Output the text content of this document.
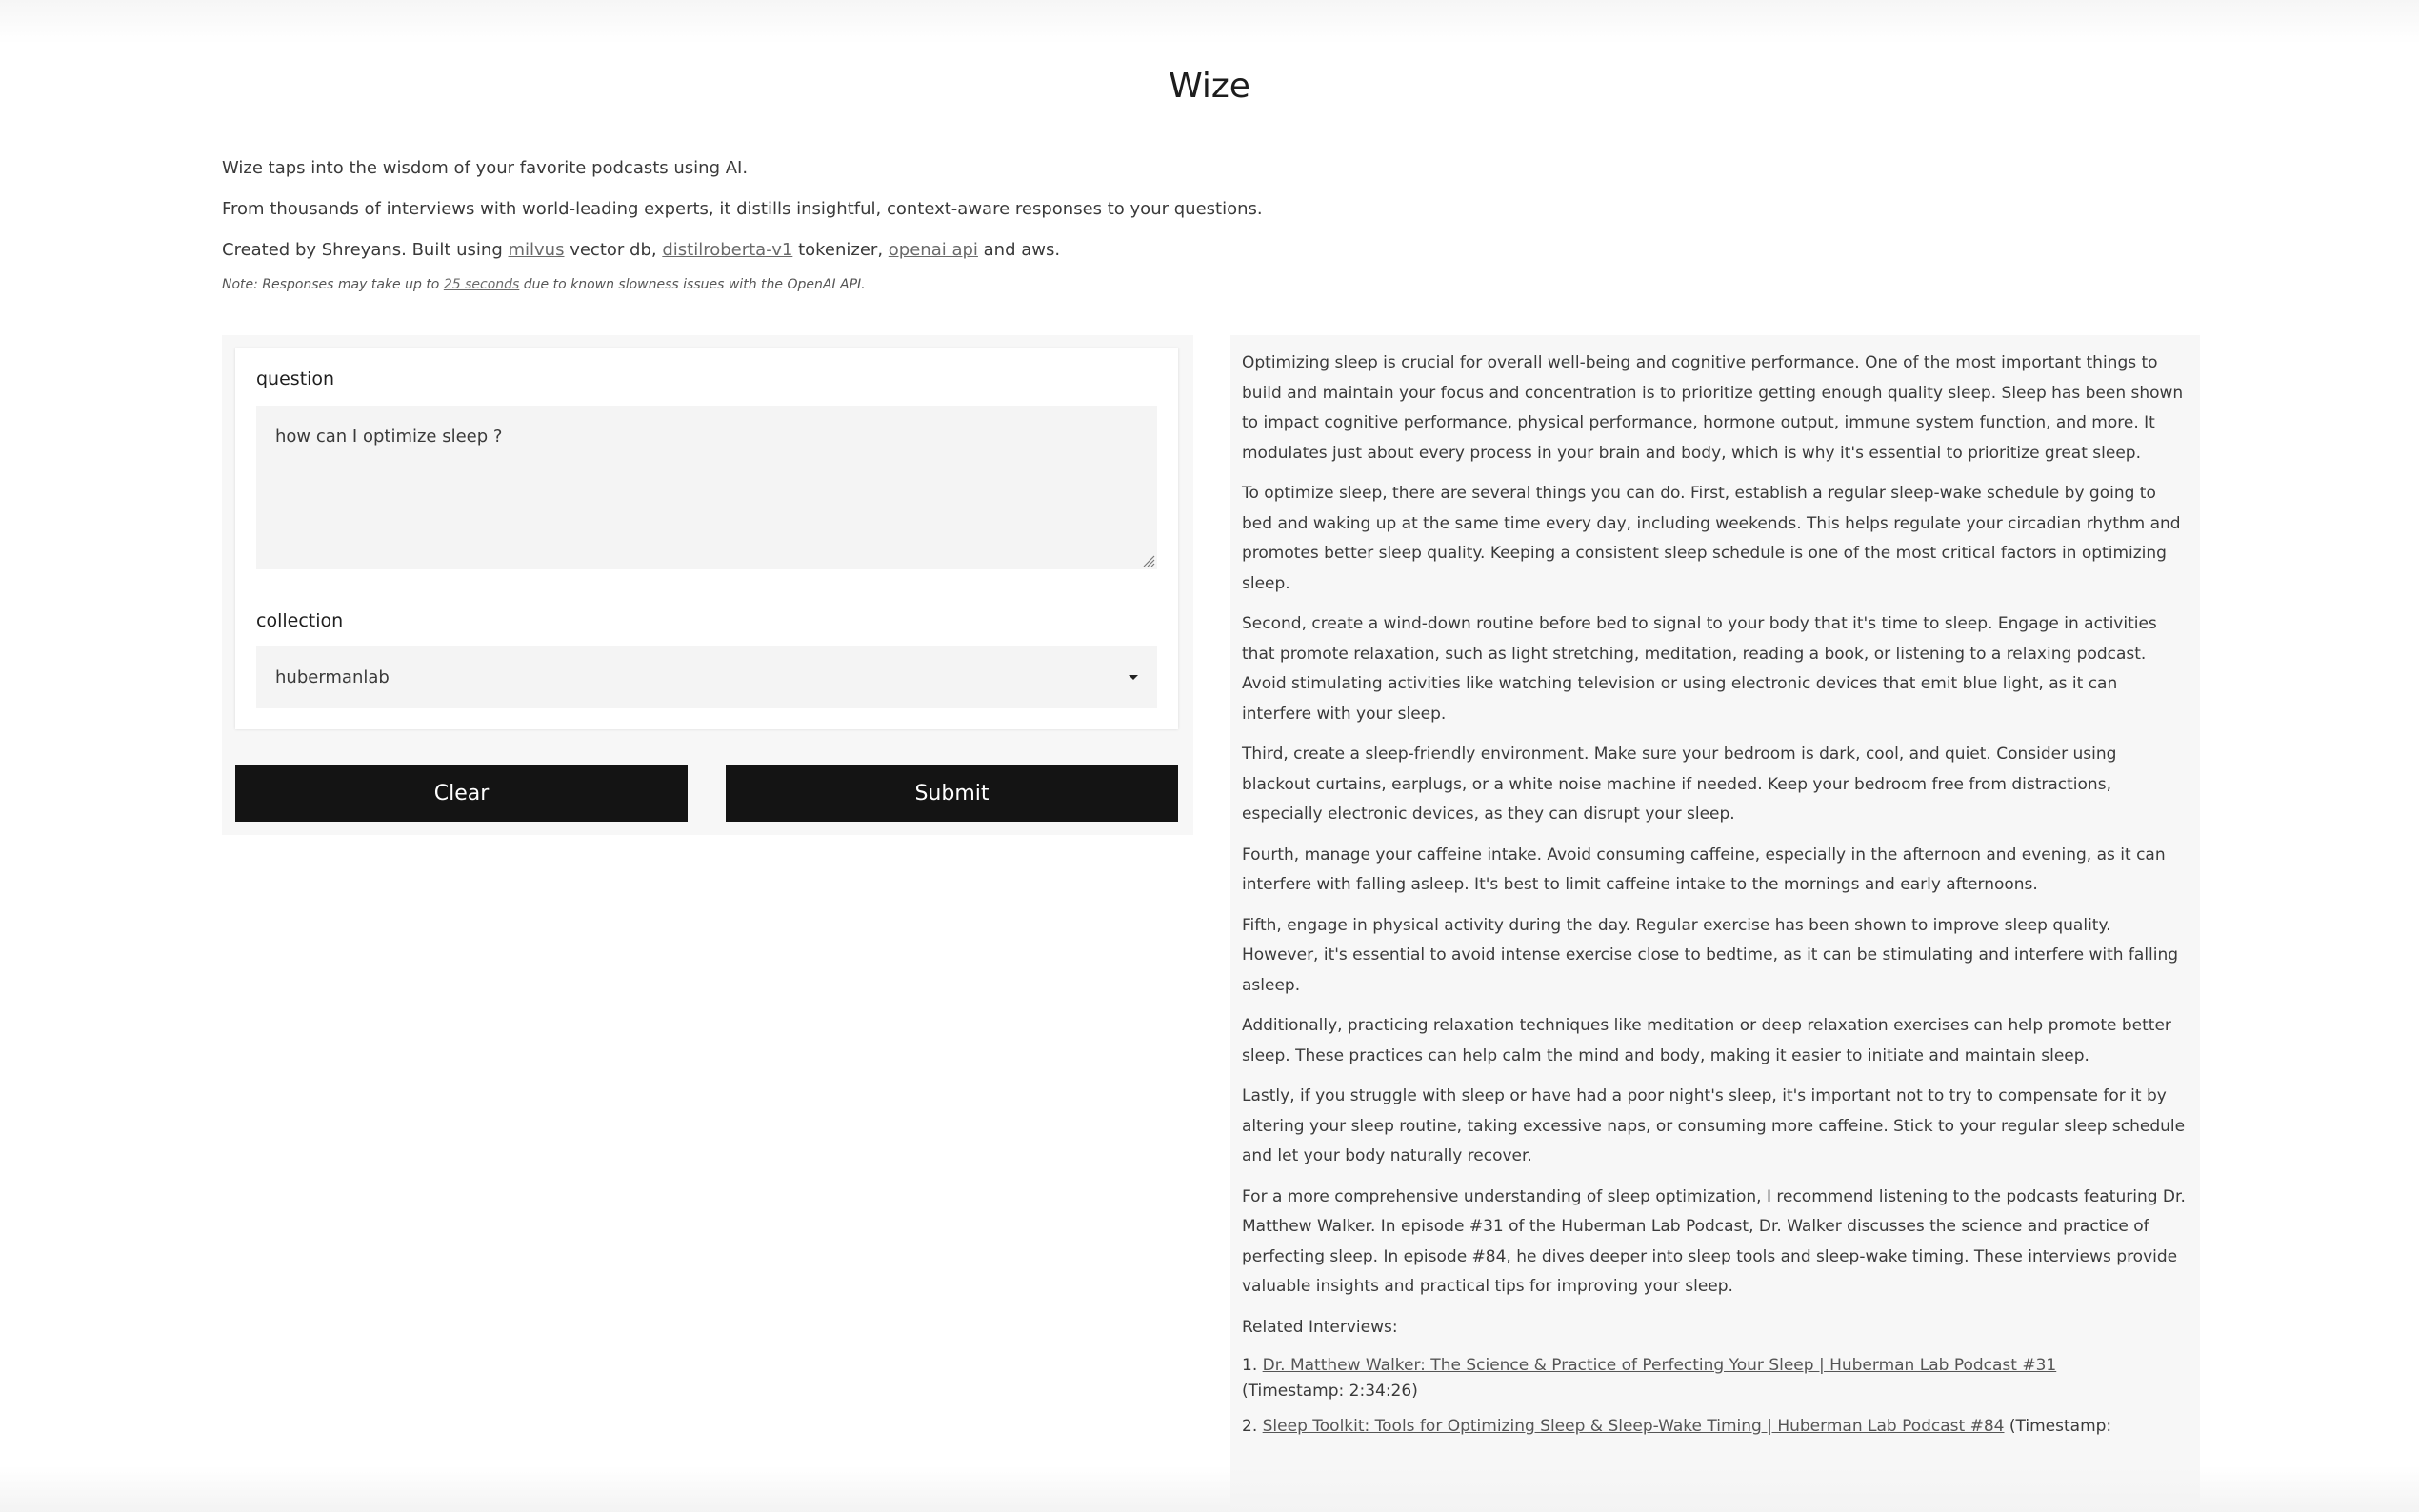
Wize

Wize taps into the wisdom of your favorite podcasts using AI.

From thousands of interviews with world-leading experts, it distills insightful, context-aware responses to your questions.

Created by Shreyans. Built using milvus vector db, distilroberta-v1 tokenizer, openai api and aws.

Note: Responses may take up to 25 seconds due to known slowness issues with the OpenAI API.

question
how can I optimize sleep ?
collection
hubermanlab
Clear	Submit

Optimizing sleep is crucial for overall well-being and cognitive performance. One of the most important things to build and maintain your focus and concentration is to prioritize getting enough quality sleep. Sleep has been shown to impact cognitive performance, physical performance, hormone output, immune system function, and more. It modulates just about every process in your brain and body, which is why it's essential to prioritize great sleep.

To optimize sleep, there are several things you can do. First, establish a regular sleep-wake schedule by going to bed and waking up at the same time every day, including weekends. This helps regulate your circadian rhythm and promotes better sleep quality. Keeping a consistent sleep schedule is one of the most critical factors in optimizing sleep.

Second, create a wind-down routine before bed to signal to your body that it's time to sleep. Engage in activities that promote relaxation, such as light stretching, meditation, reading a book, or listening to a relaxing podcast. Avoid stimulating activities like watching television or using electronic devices that emit blue light, as it can interfere with your sleep.

Third, create a sleep-friendly environment. Make sure your bedroom is dark, cool, and quiet. Consider using blackout curtains, earplugs, or a white noise machine if needed. Keep your bedroom free from distractions, especially electronic devices, as they can disrupt your sleep.

Fourth, manage your caffeine intake. Avoid consuming caffeine, especially in the afternoon and evening, as it can interfere with falling asleep. It's best to limit caffeine intake to the mornings and early afternoons.

Fifth, engage in physical activity during the day. Regular exercise has been shown to improve sleep quality. However, it's essential to avoid intense exercise close to bedtime, as it can be stimulating and interfere with falling asleep.

Additionally, practicing relaxation techniques like meditation or deep relaxation exercises can help promote better sleep. These practices can help calm the mind and body, making it easier to initiate and maintain sleep.

Lastly, if you struggle with sleep or have had a poor night's sleep, it's important not to try to compensate for it by altering your sleep routine, taking excessive naps, or consuming more caffeine. Stick to your regular sleep schedule and let your body naturally recover.

For a more comprehensive understanding of sleep optimization, I recommend listening to the podcasts featuring Dr. Matthew Walker. In episode #31 of the Huberman Lab Podcast, Dr. Walker discusses the science and practice of perfecting sleep. In episode #84, he dives deeper into sleep tools and sleep-wake timing. These interviews provide valuable insights and practical tips for improving your sleep.

Related Interviews:

1. Dr. Matthew Walker: The Science & Practice of Perfecting Your Sleep | Huberman Lab Podcast #31
(Timestamp: 2:34:26)

2. Sleep Toolkit: Tools for Optimizing Sleep & Sleep-Wake Timing | Huberman Lab Podcast #84 (Timestamp:
